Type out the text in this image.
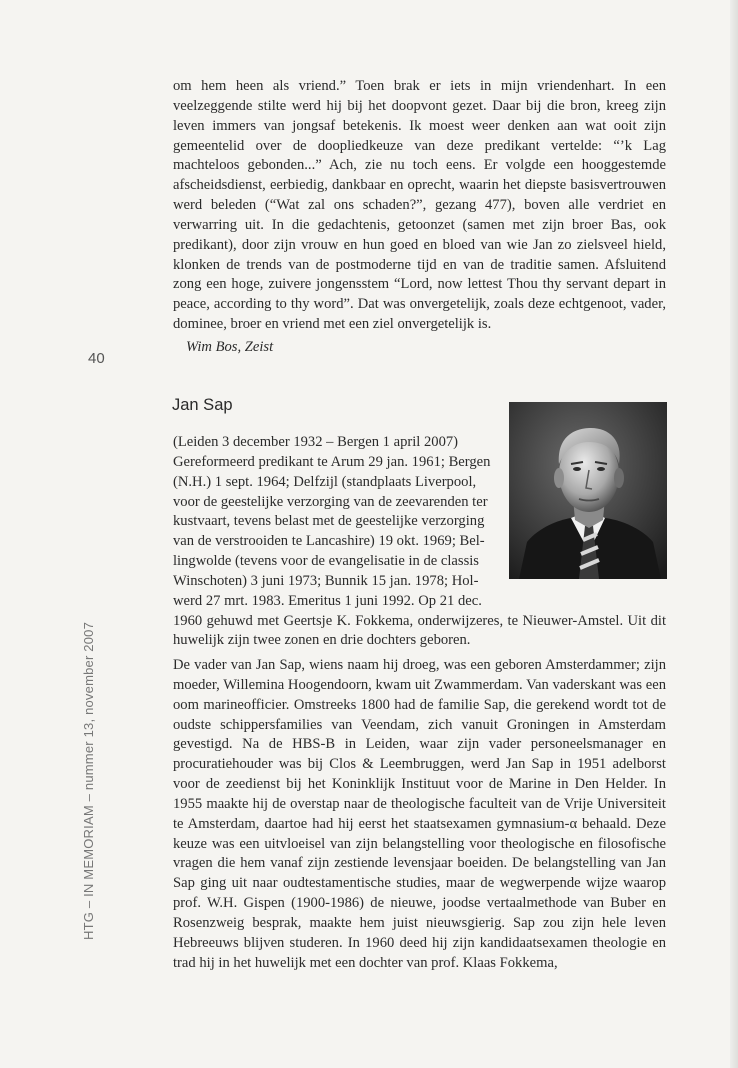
om hem heen als vriend.” Toen brak er iets in mijn vriendenhart. In een veelzeggende stilte werd hij bij het doopvont gezet. Daar bij die bron, kreeg zijn leven immers van jongsaf betekenis. Ik moest weer denken aan wat ooit zijn gemeentelid over de doopliedkeuze van deze predikant vertelde: “’k Lag machteloos gebonden...” Ach, zie nu toch eens. Er volgde een hooggestemde afscheidsdienst, eerbiedig, dankbaar en oprecht, waarin het diepste basisvertrouwen werd beleden (“Wat zal ons schaden?”, gezang 477), boven alle verdriet en verwarring uit. In die gedachtenis, getoonzet (samen met zijn broer Bas, ook predikant), door zijn vrouw en hun goed en bloed van wie Jan zo zielsveel hield, klonken de trends van de postmoderne tijd en van de traditie samen. Afsluitend zong een hoge, zuivere jongensstem “Lord, now lettest Thou thy servant depart in peace, according to thy word”. Dat was onvergetelijk, zoals deze echtgenoot, vader, dominee, broer en vriend met een ziel onvergetelijk is.

Wim Bos, Zeist

40

HTG – IN MEMORIAM – nummer 13, november 2007

Jan Sap
(Leiden 3 december 1932 – Bergen 1 april 2007)
Gereformeerd predikant te Arum 29 jan. 1961; Bergen
(N.H.) 1 sept. 1964; Delfzijl (standplaats Liverpool,
voor de geestelijke verzorging van de zeevarenden ter
kustvaart, tevens belast met de geestelijke verzorging
van de verstrooiden te Lancashire) 19 okt. 1969; Bel-
lingwolde (tevens voor de evangelisatie in de classis
Winschoten) 3 juni 1973; Bunnik 15 jan. 1978; Hol-
werd 27 mrt. 1983. Emeritus 1 juni 1992. Op 21 dec.
1960 gehuwd met Geertsje K. Fokkema, onderwijzeres, te Nieuwer-Amstel. Uit dit huwelijk zijn twee zonen en drie dochters geboren.

De vader van Jan Sap, wiens naam hij droeg, was een geboren Amsterdammer; zijn moeder, Willemina Hoogendoorn, kwam uit Zwammerdam. Van vaderskant was een oom marineofficier. Omstreeks 1800 had de familie Sap, die gerekend wordt tot de oudste schippersfamilies van Veendam, zich vanuit Groningen in Amsterdam gevestigd. Na de HBS-B in Leiden, waar zijn vader personeelsmanager en procuratiehouder was bij Clos & Leembruggen, werd Jan Sap in 1951 adelborst voor de zeedienst bij het Koninklijk Instituut voor de Marine in Den Helder. In 1955 maakte hij de overstap naar de theologische faculteit van de Vrije Universiteit te Amsterdam, daartoe had hij eerst het staatsexamen gymnasium-α behaald. Deze keuze was een uitvloeisel van zijn belangstelling voor theologische en filosofische vragen die hem vanaf zijn zestiende levensjaar boeiden. De belangstelling van Jan Sap ging uit naar oudtestamentische studies, maar de wegwerpende wijze waarop prof. W.H. Gispen (1900-1986) de nieuwe, joodse vertaalmethode van Buber en Rosenzweig besprak, maakte hem juist nieuwsgierig. Sap zou zijn hele leven Hebreeuws blijven studeren. In 1960 deed hij zijn kandidaatsexamen theologie en trad hij in het huwelijk met een dochter van prof. Klaas Fokkema,
